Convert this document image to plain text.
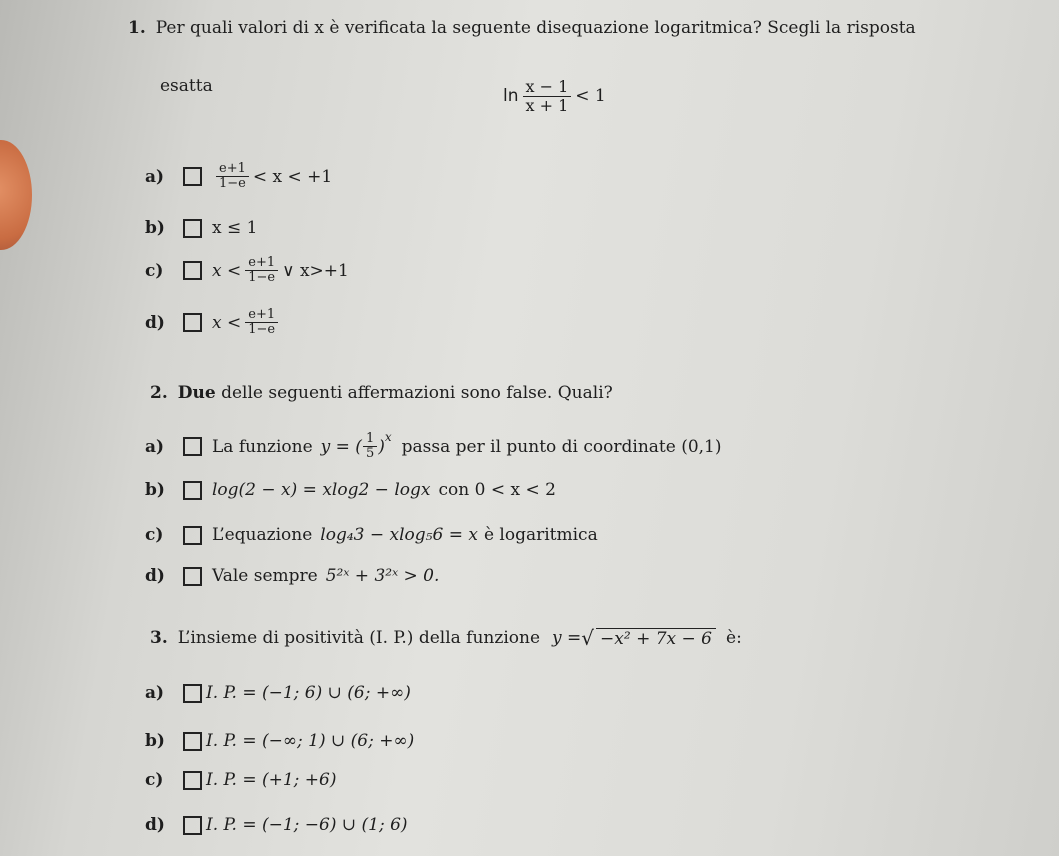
1. Per quali valori di x è verificata la seguente disequazione logaritmica? Scegli la risposta
esatta
$\ln \frac{x - 1}{x + 1} < 1$
a)	$\frac{e+1}{1-e} < x < +1$
b)	x ≤ 1
c)	$x < \frac{e+1}{1-e}$ ∨ x>+1
d)	$x < \frac{e+1}{1-e}$
2. Due delle seguenti affermazioni sono false. Quali?
a)	La funzione y = ( $\frac{1}{5} )^x$ passa per il punto di coordinate (0,1)
b)	log(2 − x) = xlog2 − logx con 0 < x < 2
c)	L’equazione log₄3 − xlog₅6 = x è logaritmica
d)	Vale sempre 5²ˣ + 3²ˣ > 0.
3. L’insieme di positività (I. P.) della funzione y = √ −x² + 7x − 6 è:
a)	I. P. = (−1; 6) ∪ (6; +∞)
b)	I. P. = (−∞; 1) ∪ (6; +∞)
c)	I. P. = (+1; +6)
d)	I. P. = (−1; −6) ∪ (1; 6)
